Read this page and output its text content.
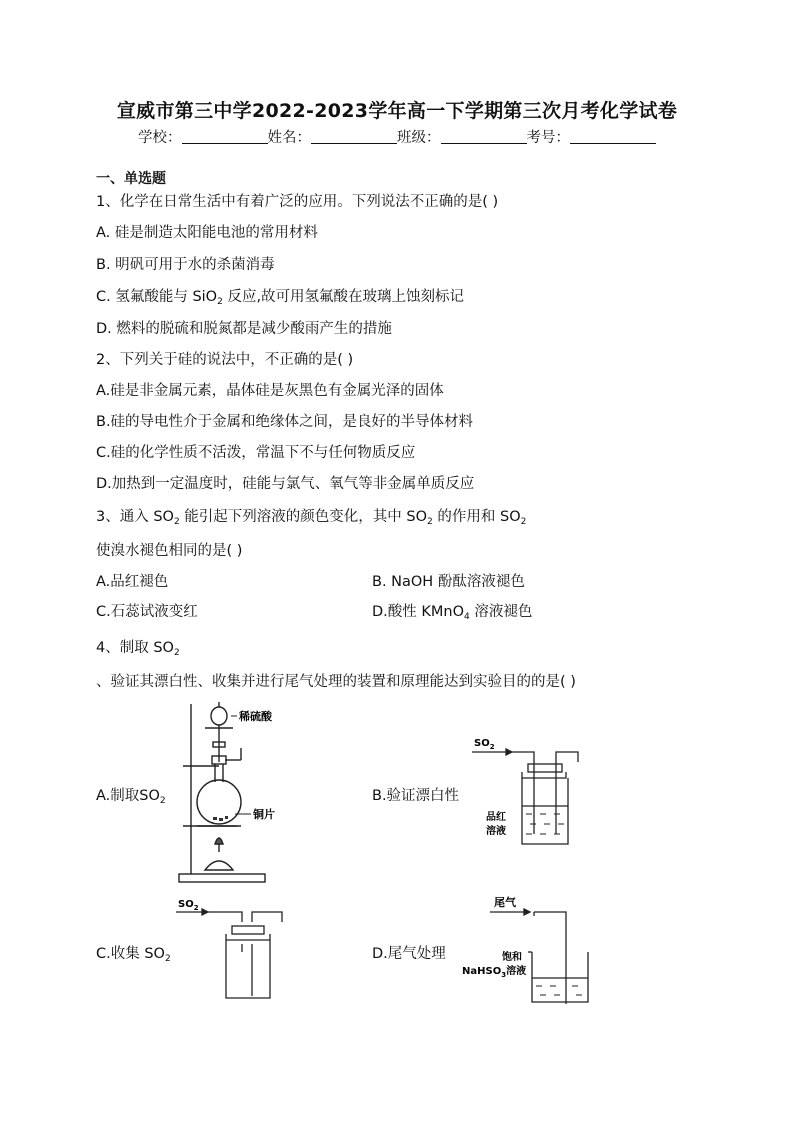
宣威市第三中学2022-2023学年高一下学期第三次月考化学试卷
学校：	姓名：	班级：	考号：
一、单选题
1、化学在日常生活中有着广泛的应用。下列说法不正确的是( )
A. 硅是制造太阳能电池的常用材料
B. 明矾可用于水的杀菌消毒
C. 氢氟酸能与 SiO$_2$ 反应,故可用氢氟酸在玻璃上蚀刻标记
D. 燃料的脱硫和脱氮都是减少酸雨产生的措施
2、下列关于硅的说法中，不正确的是( )
A.硅是非金属元素，晶体硅是灰黑色有金属光泽的固体
B.硅的导电性介于金属和绝缘体之间，是良好的半导体材料
C.硅的化学性质不活泼，常温下不与任何物质反应
D.加热到一定温度时，硅能与氯气、氧气等非金属单质反应
3、通入 $SO_2$ 能引起下列溶液的颜色变化，其中 $SO_2$ 的作用和 $SO_2$
使溴水褪色相同的是( )
A.品红褪色	B. NaOH 酚酞溶液褪色
C.石蕊试液变红	D.酸性 KMnO$_4$ 溶液褪色
4、制取 $SO_2$
、验证其漂白性、收集并进行尾气处理的装置和原理能达到实验目的的是( )
A.制取$SO_2$	B.验证漂白性
C.收集 $SO_2$	D.尾气处理
稀硫酸
铜片
$SO_2$
品红
溶液
$SO_2$	尾气
饱和
NaHSO$_3$溶液
